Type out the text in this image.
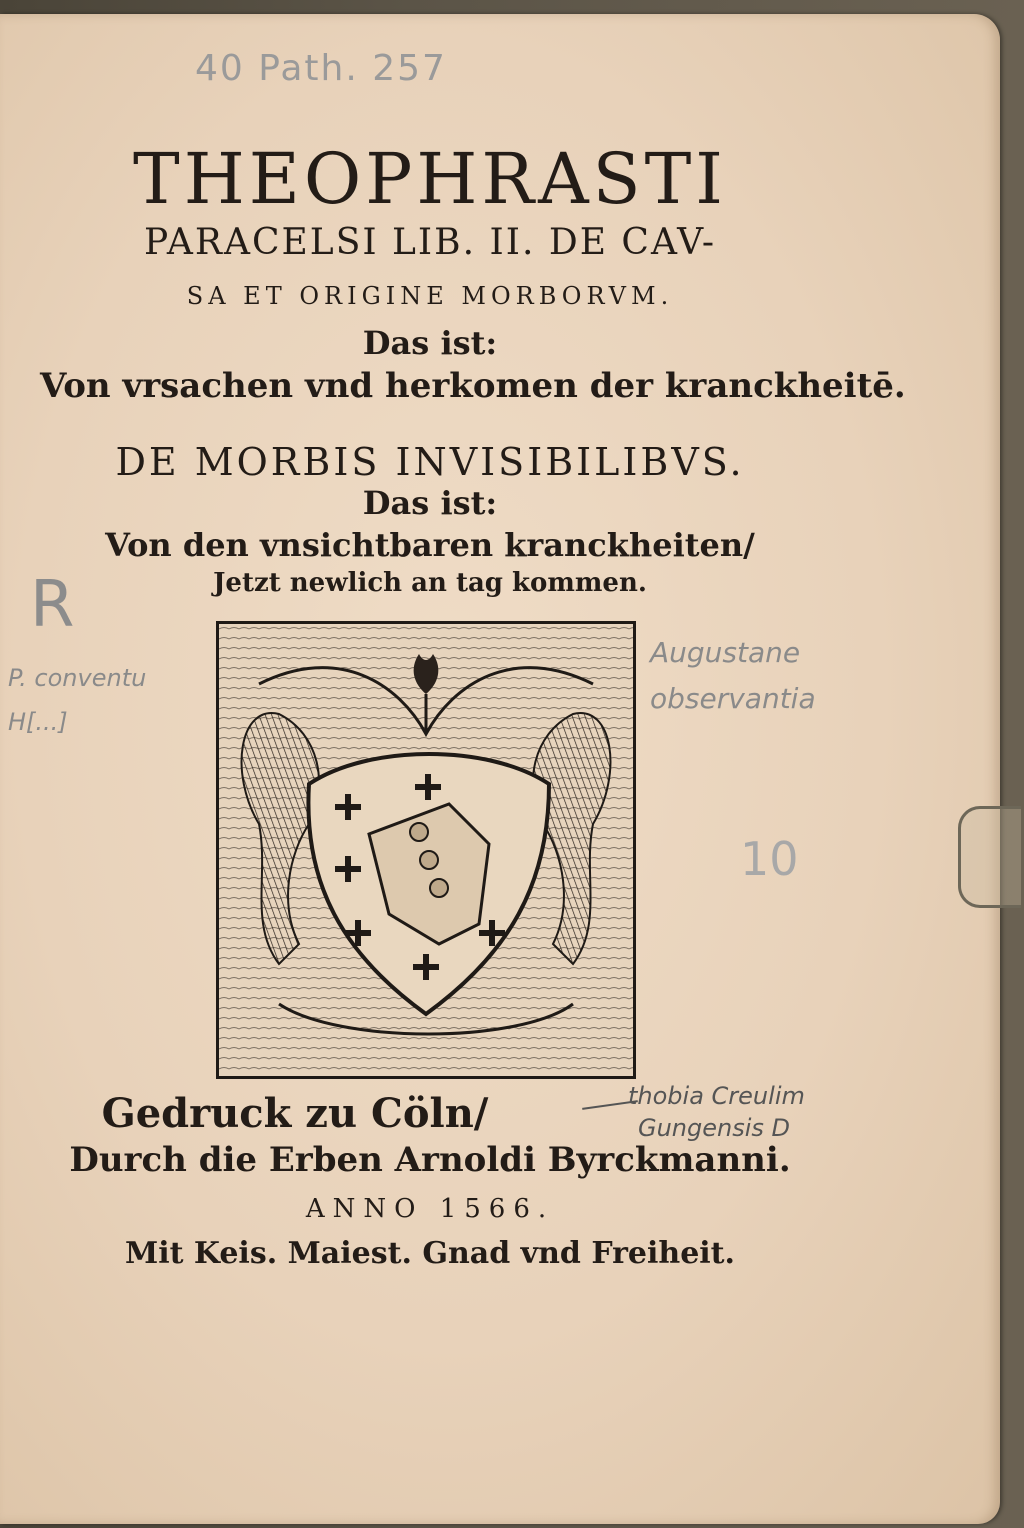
40 Path. 257
R
P. conventu
H[...]
Augustane
observantia
10
thobia Creulim
Gungensis D
THEOPHRASTI
PARACELSI LIB. II. DE CAV-
SA ET ORIGINE MORBORVM.
Das ist:
Von vrsachen vnd herkomen der kranckheitē.
DE MORBIS INVISIBILIBVS.
Das ist:
Von den vnsichtbaren kranckheiten/
Jetzt newlich an tag kommen.
Gedruck zu Cöln/
Durch die Erben Arnoldi Byrckmanni.
ANNO 1566.
Mit Keis. Maiest. Gnad vnd Freiheit.
